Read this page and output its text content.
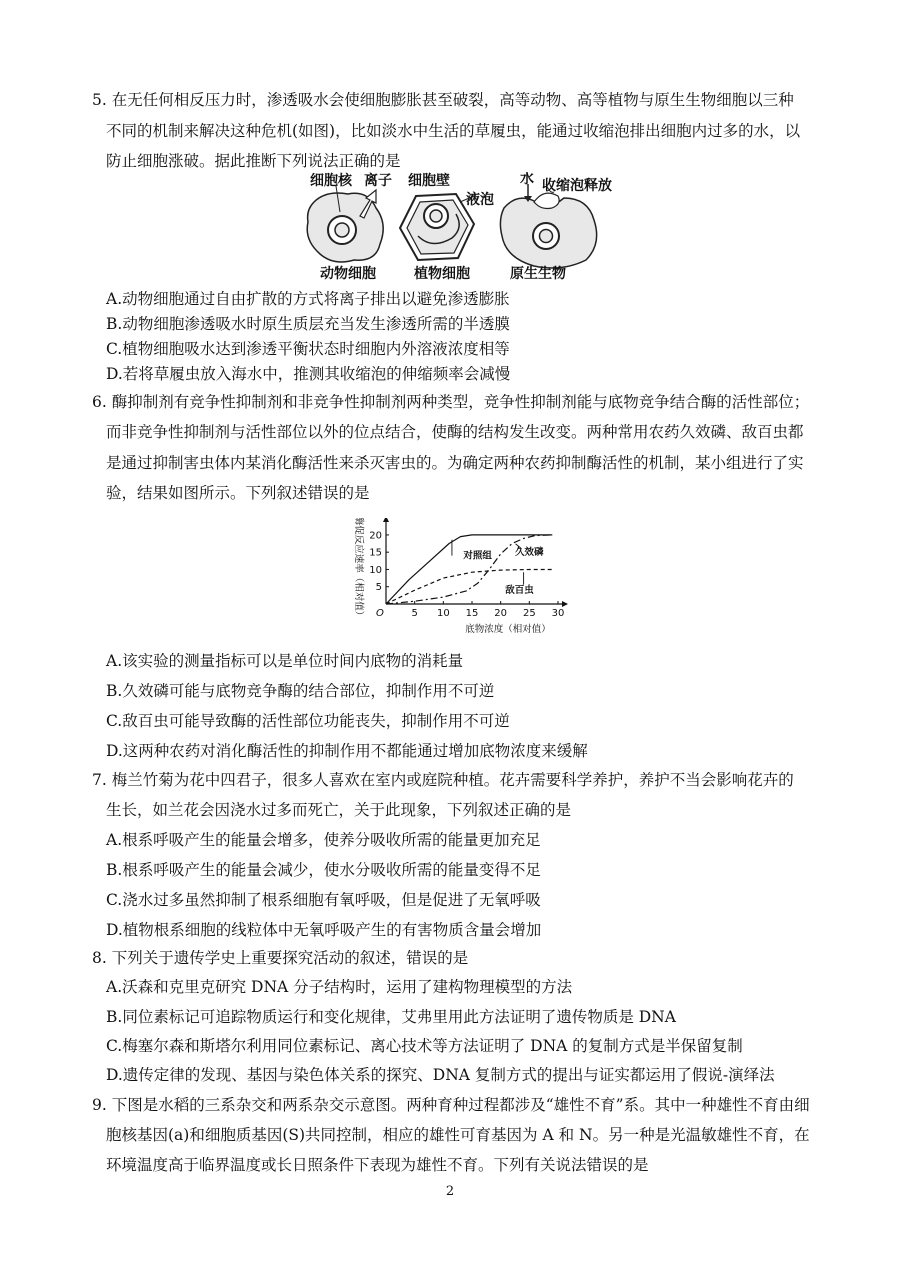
5. 在无任何相反压力时，渗透吸水会使细胞膨胀甚至破裂，高等动物、高等植物与原生生物细胞以三种
不同的机制来解决这种危机(如图)，比如淡水中生活的草履虫，能通过收缩泡排出细胞内过多的水，以
防止细胞涨破。据此推断下列说法正确的是
细胞核 离子 细胞壁
液泡
水 收缩泡释放
动物细胞	植物细胞	原生生物
A.动物细胞通过自由扩散的方式将离子排出以避免渗透膨胀
B.动物细胞渗透吸水时原生质层充当发生渗透所需的半透膜
C.植物细胞吸水达到渗透平衡状态时细胞内外溶液浓度相等
D.若将草履虫放入海水中，推测其收缩泡的伸缩频率会减慢
6. 酶抑制剂有竞争性抑制剂和非竞争性抑制剂两种类型，竞争性抑制剂能与底物竞争结合酶的活性部位；
而非竞争性抑制剂与活性部位以外的位点结合，使酶的结构发生改变。两种常用农药久效磷、敌百虫都
是通过抑制害虫体内某消化酶活性来杀灭害虫的。为确定两种农药抑制酶活性的机制，某小组进行了实
验，结果如图所示。下列叙述错误的是
5 10 15 20 25 30
5
10
15
20
O
底物浓度（相对值）
酶促反应速率（相对值）	对照组 久效磷
敌百虫
A.该实验的测量指标可以是单位时间内底物的消耗量
B.久效磷可能与底物竞争酶的结合部位，抑制作用不可逆
C.敌百虫可能导致酶的活性部位功能丧失，抑制作用不可逆
D.这两种农药对消化酶活性的抑制作用不都能通过增加底物浓度来缓解
7. 梅兰竹菊为花中四君子，很多人喜欢在室内或庭院种植。花卉需要科学养护，养护不当会影响花卉的
生长，如兰花会因浇水过多而死亡，关于此现象，下列叙述正确的是
A.根系呼吸产生的能量会增多，使养分吸收所需的能量更加充足
B.根系呼吸产生的能量会减少，使水分吸收所需的能量变得不足
C.浇水过多虽然抑制了根系细胞有氧呼吸，但是促进了无氧呼吸
D.植物根系细胞的线粒体中无氧呼吸产生的有害物质含量会增加
8. 下列关于遗传学史上重要探究活动的叙述，错误的是
A.沃森和克里克研究 DNA 分子结构时，运用了建构物理模型的方法
B.同位素标记可追踪物质运行和变化规律，艾弗里用此方法证明了遗传物质是 DNA
C.梅塞尔森和斯塔尔利用同位素标记、离心技术等方法证明了 DNA 的复制方式是半保留复制
D.遗传定律的发现、基因与染色体关系的探究、DNA 复制方式的提出与证实都运用了假说-演绎法
9. 下图是水稻的三系杂交和两系杂交示意图。两种育种过程都涉及“雄性不育”系。其中一种雄性不育由细
胞核基因(a)和细胞质基因(S)共同控制，相应的雄性可育基因为 A 和 N。另一种是光温敏雄性不育，在
环境温度高于临界温度或长日照条件下表现为雄性不育。下列有关说法错误的是
2
